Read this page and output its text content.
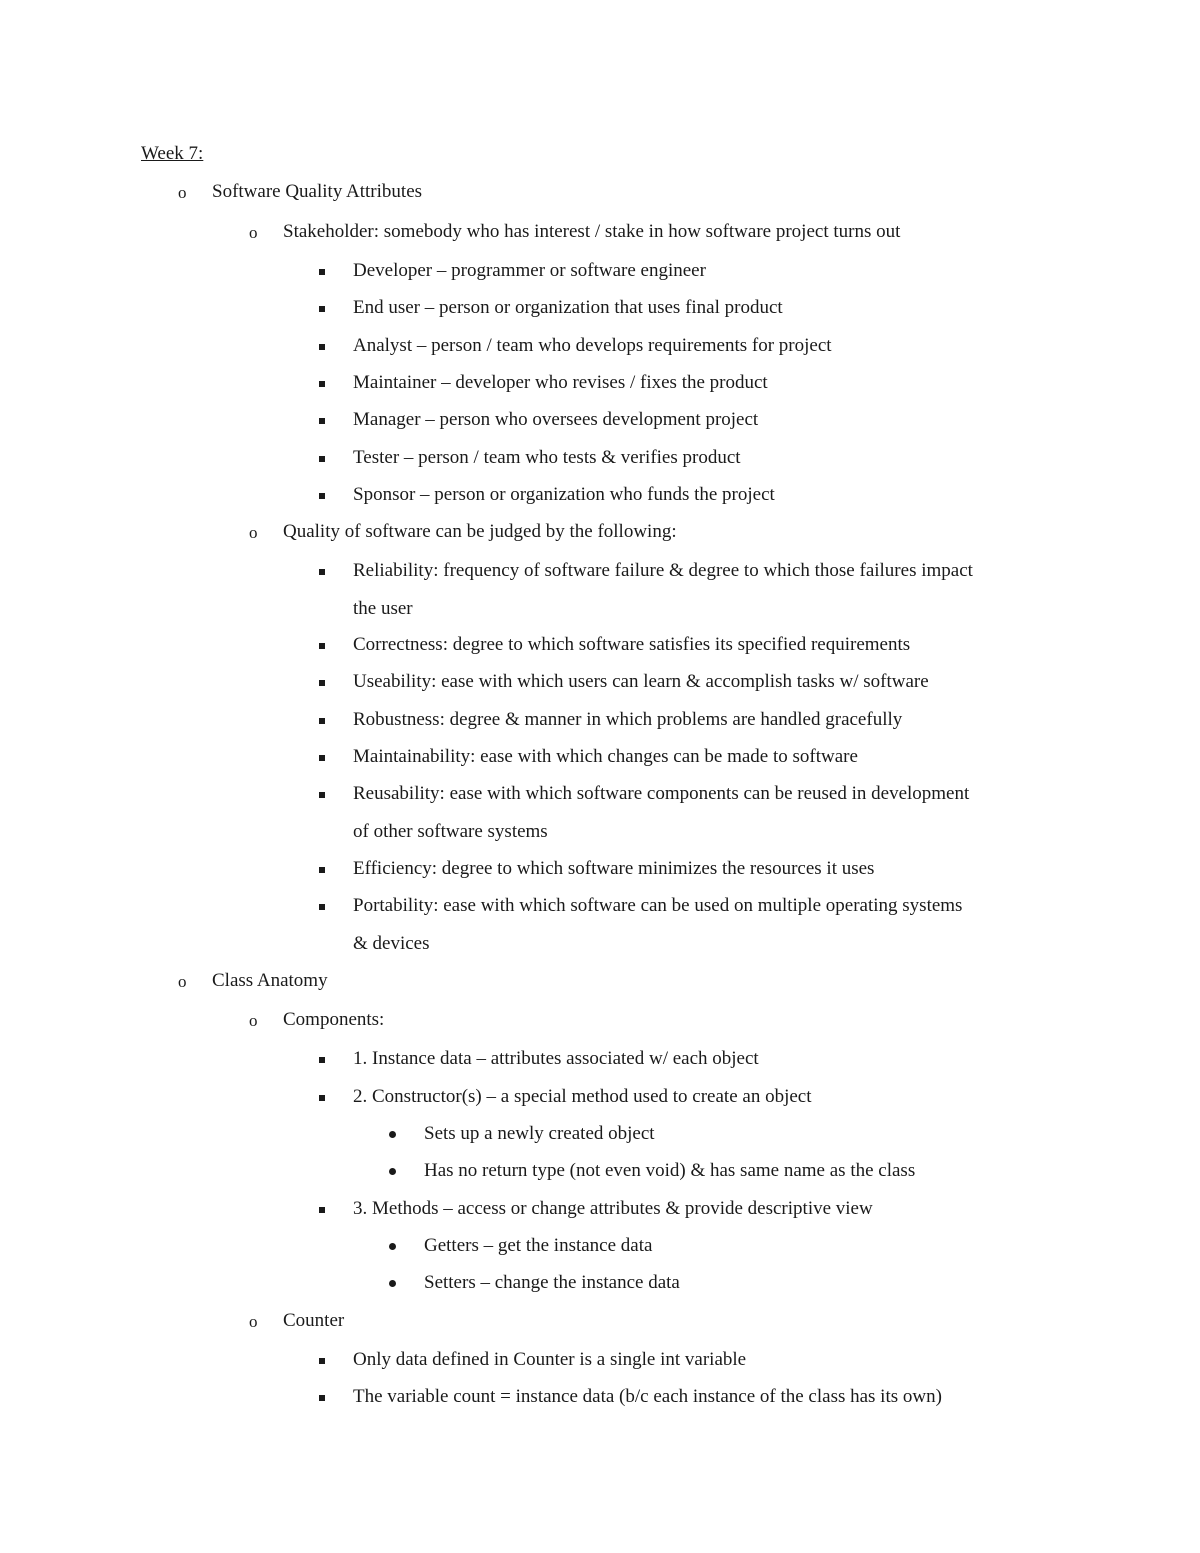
Week 7:
o Software Quality Attributes
o Stakeholder: somebody who has interest / stake in how software project turns out
Developer – programmer or software engineer
End user – person or organization that uses final product
Analyst – person / team who develops requirements for project
Maintainer – developer who revises / fixes the product
Manager – person who oversees development project
Tester – person / team who tests & verifies product
Sponsor – person or organization who funds the project
o Quality of software can be judged by the following:
Reliability: frequency of software failure & degree to which those failures impact
the user
Correctness: degree to which software satisfies its specified requirements
Useability: ease with which users can learn & accomplish tasks w/ software
Robustness: degree & manner in which problems are handled gracefully
Maintainability: ease with which changes can be made to software
Reusability: ease with which software components can be reused in development
of other software systems
Efficiency: degree to which software minimizes the resources it uses
Portability: ease with which software can be used on multiple operating systems
& devices
o Class Anatomy
o Components:
1. Instance data – attributes associated w/ each object
2. Constructor(s) – a special method used to create an object
Sets up a newly created object
Has no return type (not even void) & has same name as the class
3. Methods – access or change attributes & provide descriptive view
Getters – get the instance data
Setters – change the instance data
o Counter
Only data defined in Counter is a single int variable
The variable count = instance data (b/c each instance of the class has its own)
